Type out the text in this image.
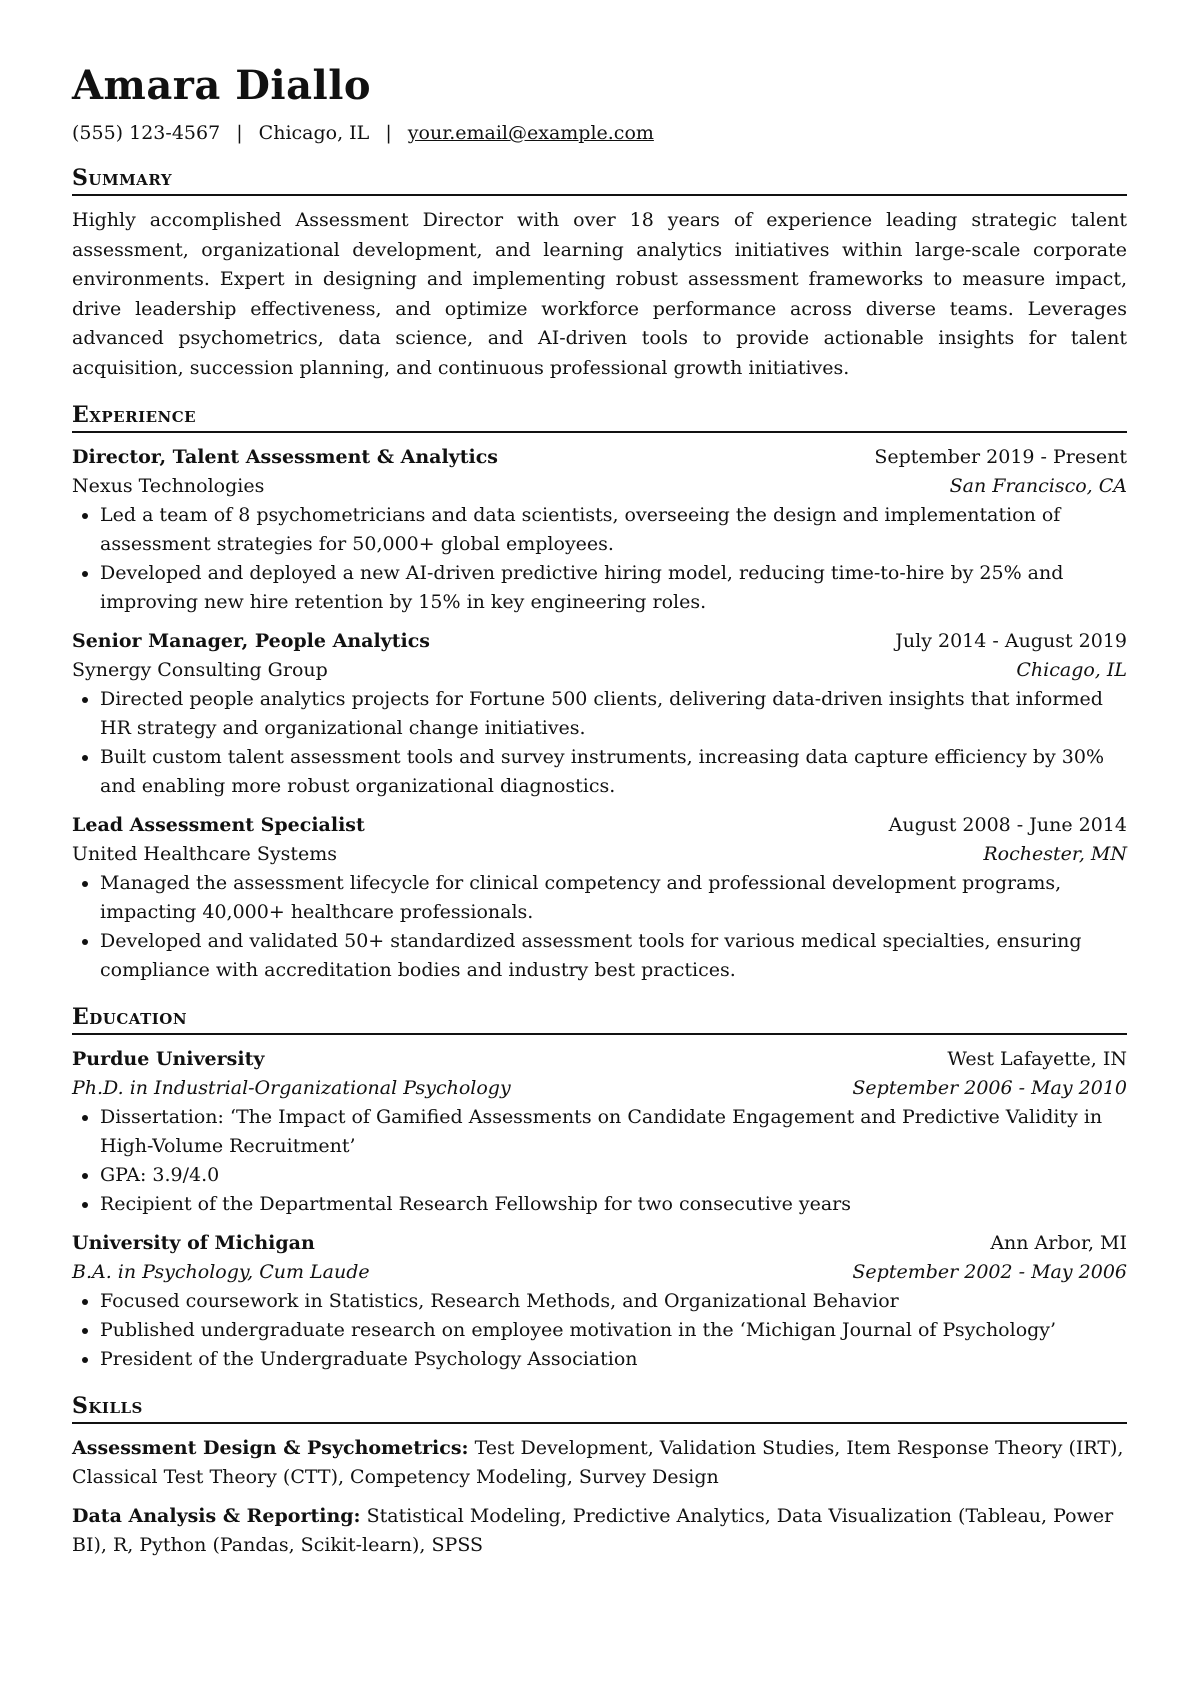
Amara Diallo
(555) 123-4567 | Chicago, IL | your.email@example.com
Summary
Highly accomplished Assessment Director with over 18 years of experience leading strategic talent assessment, organizational development, and learning analytics initiatives within large-scale corporate environments. Expert in designing and implementing robust assessment frameworks to measure impact, drive leadership effectiveness, and optimize workforce performance across diverse teams. Leverages advanced psychometrics, data science, and AI-driven tools to provide actionable insights for talent acquisition, succession planning, and continuous professional growth initiatives.
Experience
Director, Talent Assessment & Analytics	September 2019 - Present
Nexus Technologies	San Francisco, CA
• Led a team of 8 psychometricians and data scientists, overseeing the design and implementation of assessment strategies for 50,000+ global employees.
• Developed and deployed a new AI-driven predictive hiring model, reducing time-to-hire by 25% and improving new hire retention by 15% in key engineering roles.
Senior Manager, People Analytics	July 2014 - August 2019
Synergy Consulting Group	Chicago, IL
• Directed people analytics projects for Fortune 500 clients, delivering data-driven insights that informed HR strategy and organizational change initiatives.
• Built custom talent assessment tools and survey instruments, increasing data capture efficiency by 30% and enabling more robust organizational diagnostics.
Lead Assessment Specialist	August 2008 - June 2014
United Healthcare Systems	Rochester, MN
• Managed the assessment lifecycle for clinical competency and professional development programs, impacting 40,000+ healthcare professionals.
• Developed and validated 50+ standardized assessment tools for various medical specialties, ensuring compliance with accreditation bodies and industry best practices.
Education
Purdue University	West Lafayette, IN
Ph.D. in Industrial-Organizational Psychology	September 2006 - May 2010
• Dissertation: ‘The Impact of Gamified Assessments on Candidate Engagement and Predictive Validity in High-Volume Recruitment’
• GPA: 3.9/4.0
• Recipient of the Departmental Research Fellowship for two consecutive years
University of Michigan	Ann Arbor, MI
B.A. in Psychology, Cum Laude	September 2002 - May 2006
• Focused coursework in Statistics, Research Methods, and Organizational Behavior
• Published undergraduate research on employee motivation in the ‘Michigan Journal of Psychology’
• President of the Undergraduate Psychology Association
Skills
Assessment Design & Psychometrics: Test Development, Validation Studies, Item Response Theory (IRT), Classical Test Theory (CTT), Competency Modeling, Survey Design
Data Analysis & Reporting: Statistical Modeling, Predictive Analytics, Data Visualization (Tableau, Power BI), R, Python (Pandas, Scikit-learn), SPSS
